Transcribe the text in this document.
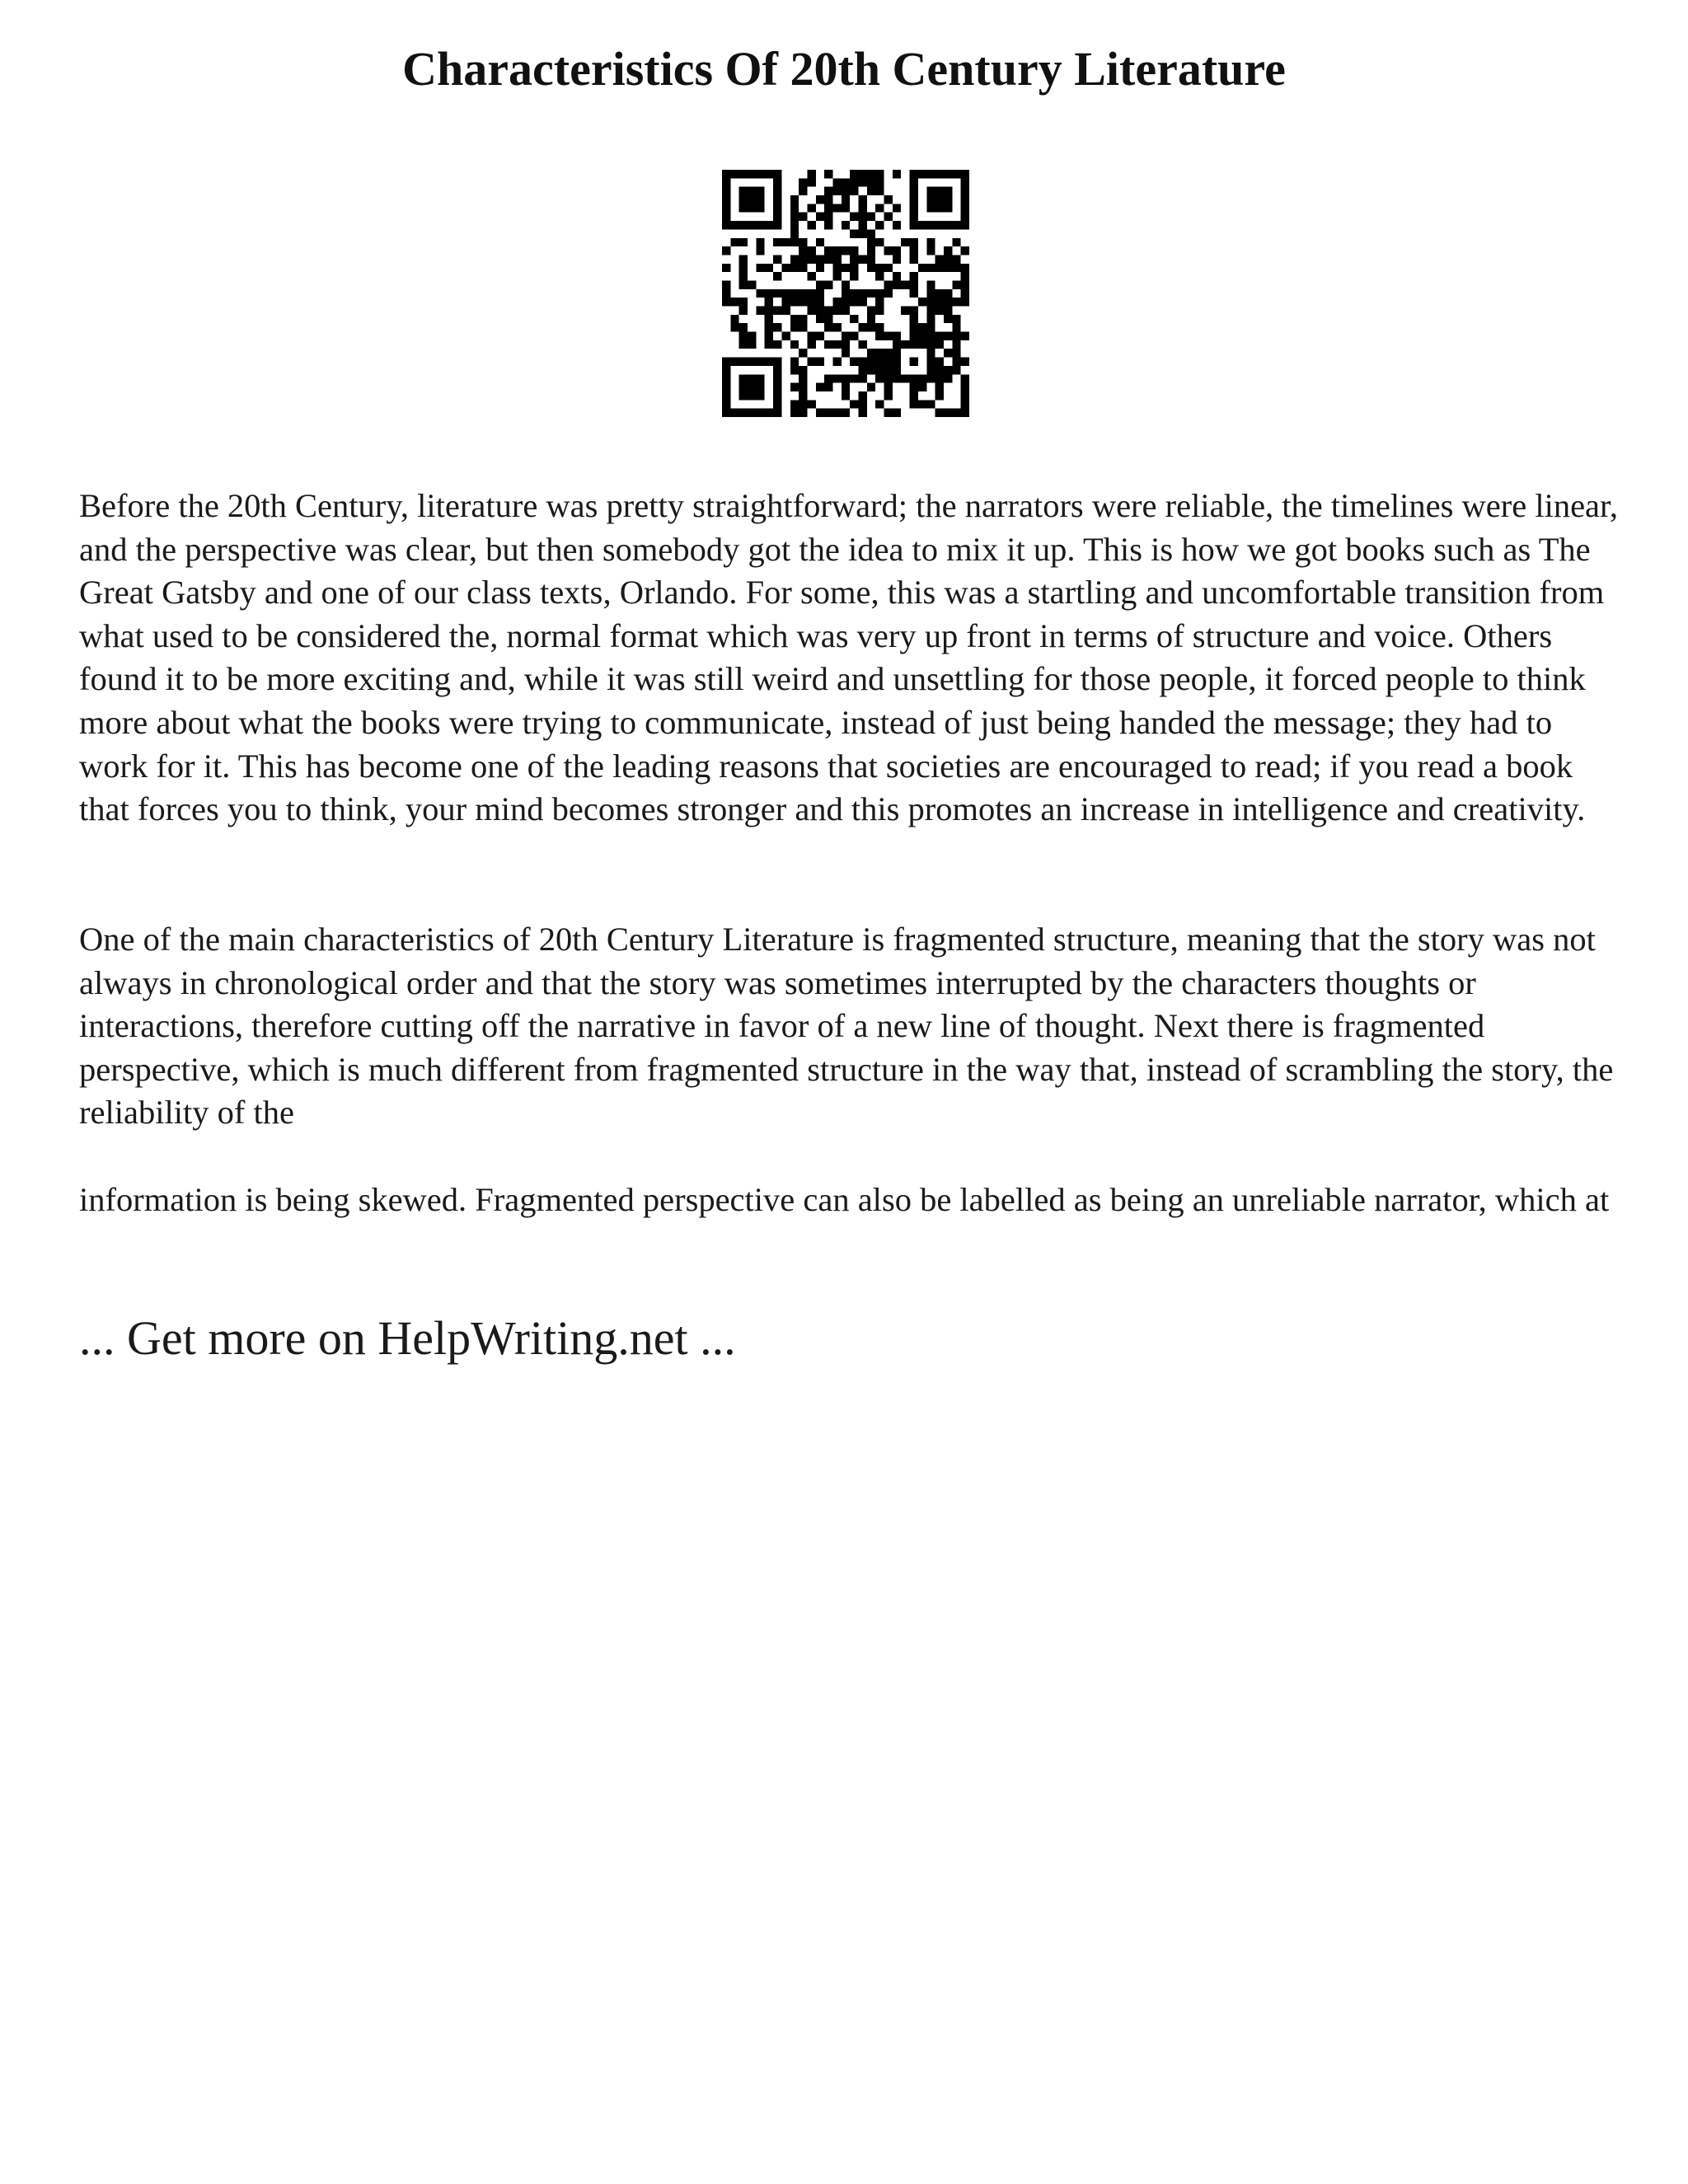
Characteristics Of 20th Century Literature

Before the 20th Century, literature was pretty straightforward; the narrators were reliable, the timelines were linear, and the perspective was clear, but then somebody got the idea to mix it up. This is how we got books such as The Great Gatsby and one of our class texts, Orlando. For some, this was a startling and uncomfortable transition from what used to be considered the, normal format which was very up front in terms of structure and voice. Others found it to be more exciting and, while it was still weird and unsettling for those people, it forced people to think more about what the books were trying to communicate, instead of just being handed the message; they had to work for it. This has become one of the leading reasons that societies are encouraged to read; if you read a book that forces you to think, your mind becomes stronger and this promotes an increase in intelligence and creativity.

One of the main characteristics of 20th Century Literature is fragmented structure, meaning that the story was not always in chronological order and that the story was sometimes interrupted by the characters thoughts or interactions, therefore cutting off the narrative in favor of a new line of thought. Next there is fragmented perspective, which is much different from fragmented structure in the way that, instead of scrambling the story, the reliability of the

information is being skewed. Fragmented perspective can also be labelled as being an unreliable narrator, which at

... Get more on HelpWriting.net ...
